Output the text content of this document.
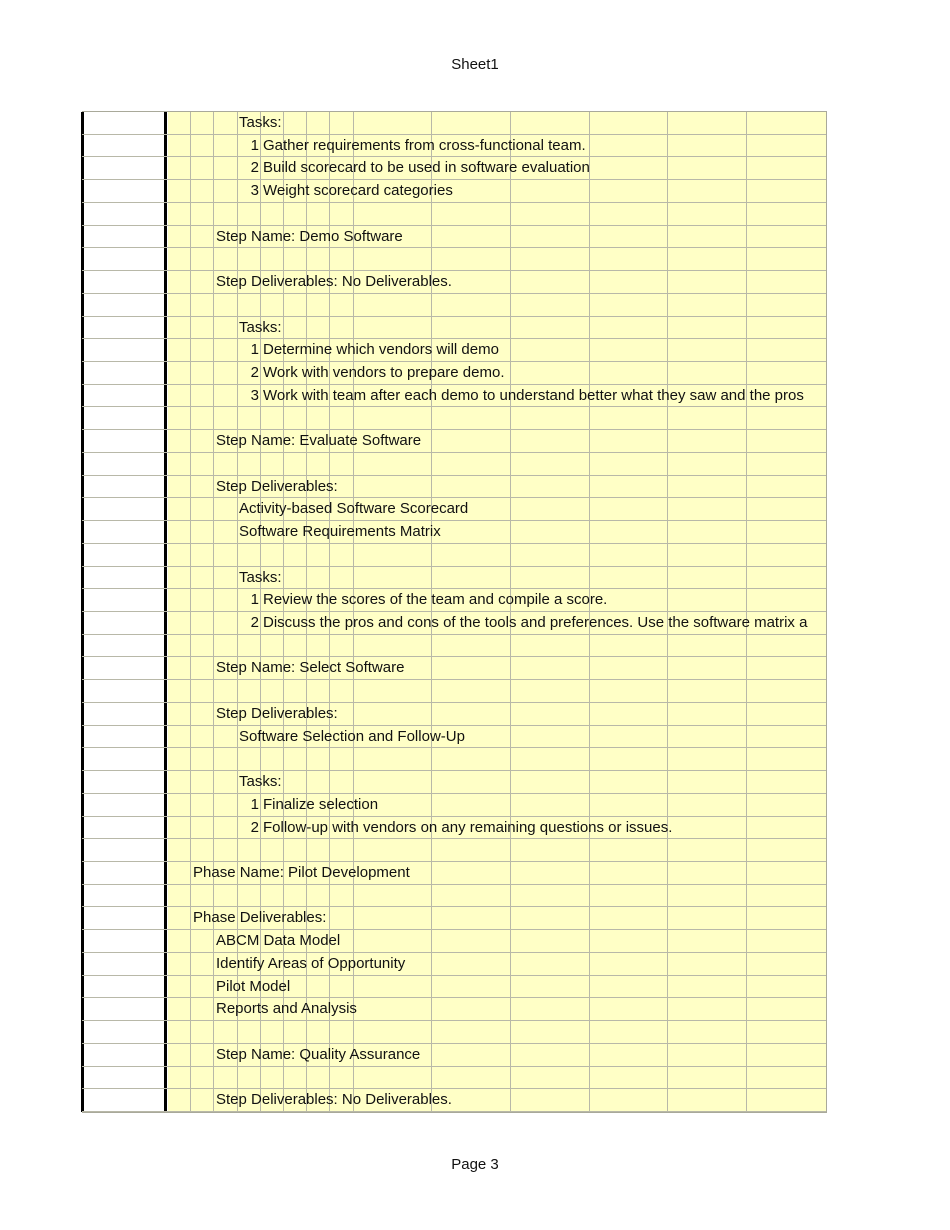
Sheet1
Tasks:
1 Gather requirements from cross-functional team.
2 Build scorecard to be used in software evaluation
3 Weight scorecard categories
Step Name: Demo Software
Step Deliverables: No Deliverables.
Tasks:
1 Determine which vendors will demo
2 Work with vendors to prepare demo.
3 Work with team after each demo to understand better what they saw and the pros
Step Name: Evaluate Software
Step Deliverables:
Activity-based Software Scorecard
Software Requirements Matrix
Tasks:
1 Review the scores of the team and compile a score.
2 Discuss the pros and cons of the tools and preferences. Use the software matrix a
Step Name: Select Software
Step Deliverables:
Software Selection and Follow-Up
Tasks:
1 Finalize selection
2 Follow-up with vendors on any remaining questions or issues.
Phase Name: Pilot Development
Phase Deliverables:
ABCM Data Model
Identify Areas of Opportunity
Pilot Model
Reports and Analysis
Step Name: Quality Assurance
Step Deliverables: No Deliverables.
Page 3
